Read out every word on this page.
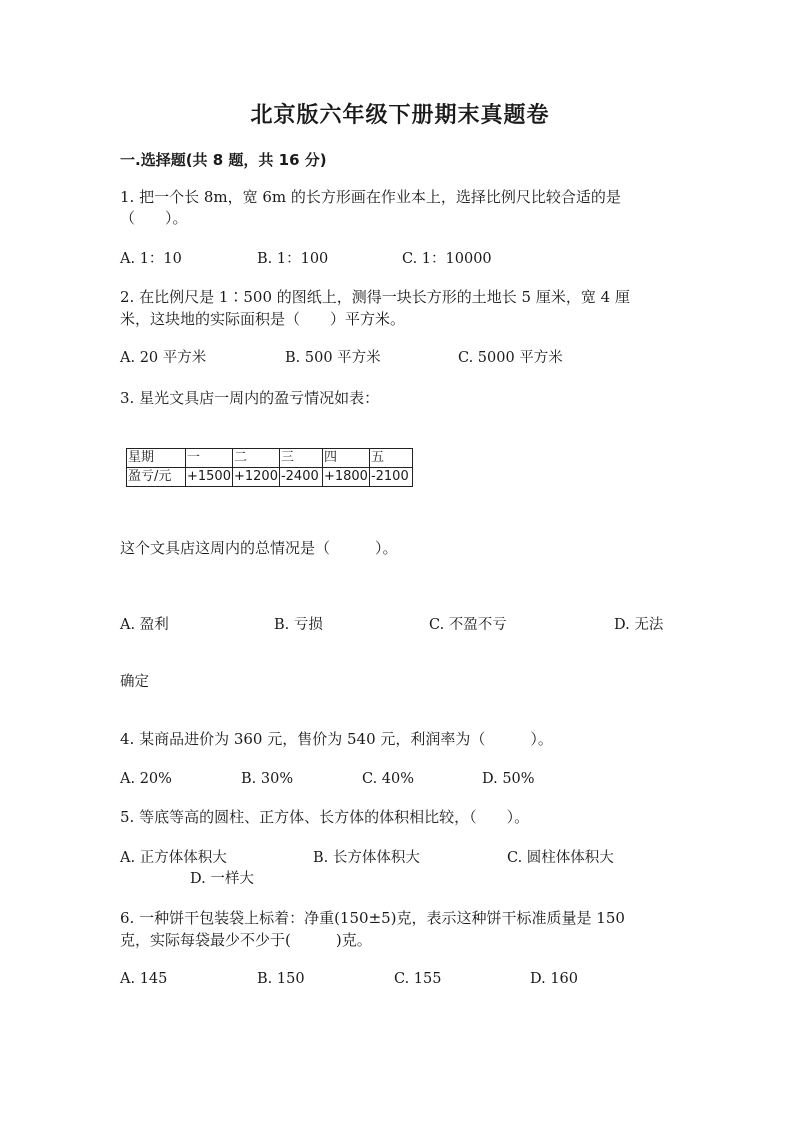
北京版六年级下册期末真题卷
一.选择题(共 8 题，共 16 分)
1. 把一个长 8m，宽 6m 的长方形画在作业本上，选择比例尺比较合适的是
（　　）。
A. 1：10	B. 1：100	C. 1：10000
2. 在比例尺是 1∶500 的图纸上，测得一块长方形的土地长 5 厘米，宽 4 厘
米，这块地的实际面积是（　　）平方米。
A. 20 平方米	B. 500 平方米	C. 5000 平方米
3. 星光文具店一周内的盈亏情况如表：
星期	一	二	三	四	五
盈亏/元	+1500	+1200	-2400	+1800	-2100
这个文具店这周内的总情况是（　　　）。
A. 盈利	B. 亏损	C. 不盈不亏	D. 无法
确定
4. 某商品进价为 360 元，售价为 540 元，利润率为（　　　）。
A. 20%	B. 30%	C. 40%	D. 50%
5. 等底等高的圆柱、正方体、长方体的体积相比较，（　　）。
A. 正方体体积大	B. 长方体体积大	C. 圆柱体体积大
D. 一样大
6. 一种饼干包装袋上标着：净重(150±5)克，表示这种饼干标准质量是 150
克，实际每袋最少不少于(　　　)克。
A. 145	B. 150	C. 155	D. 160
